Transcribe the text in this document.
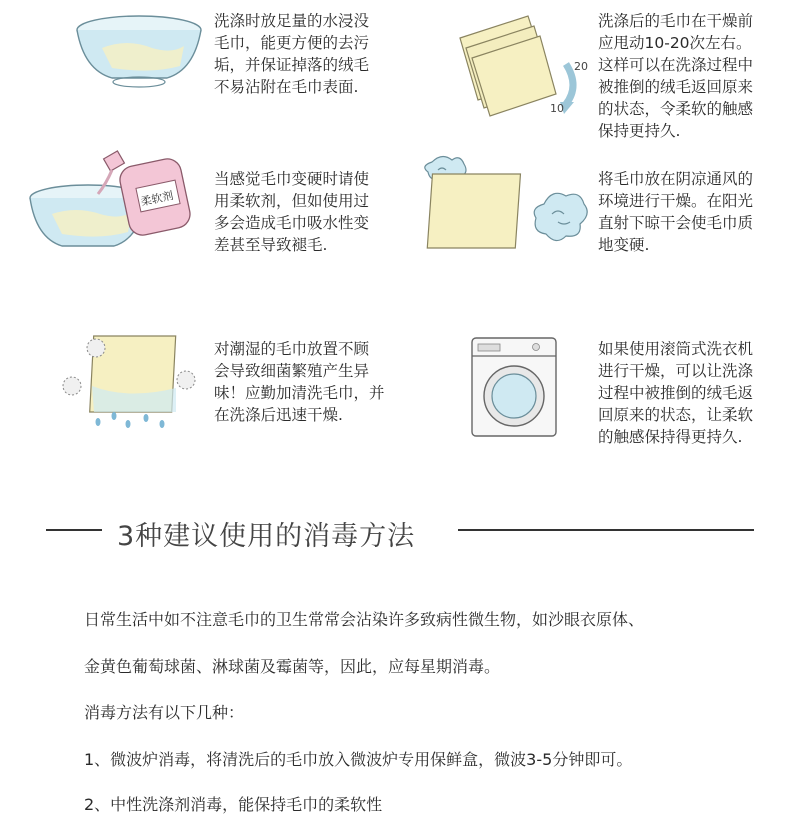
洗涤时放足量的水浸没
毛巾，能更方便的去污
垢，并保证掉落的绒毛
不易沾附在毛巾表面.
20
10
洗涤后的毛巾在干燥前
应甩动10-20次左右。
这样可以在洗涤过程中
被推倒的绒毛返回原来
的状态，令柔软的触感
保持更持久.
柔软剂
当感觉毛巾变硬时请使
用柔软剂，但如使用过
多会造成毛巾吸水性变
差甚至导致褪毛.
将毛巾放在阴凉通风的
环境进行干燥。在阳光
直射下晾干会使毛巾质
地变硬.
对潮湿的毛巾放置不顾
会导致细菌繁殖产生异
味！应勤加清洗毛巾，并
在洗涤后迅速干燥.
如果使用滚筒式洗衣机
进行干燥，可以让洗涤
过程中被推倒的绒毛返
回原来的状态，让柔软
的触感保持得更持久.
3种建议使用的消毒方法
日常生活中如不注意毛巾的卫生常常会沾染许多致病性微生物，如沙眼衣原体、
金黄色葡萄球菌、淋球菌及霉菌等，因此，应每星期消毒。
消毒方法有以下几种：
1、微波炉消毒，将清洗后的毛巾放入微波炉专用保鲜盒，微波3-5分钟即可。
2、中性洗涤剂消毒，能保持毛巾的柔软性
